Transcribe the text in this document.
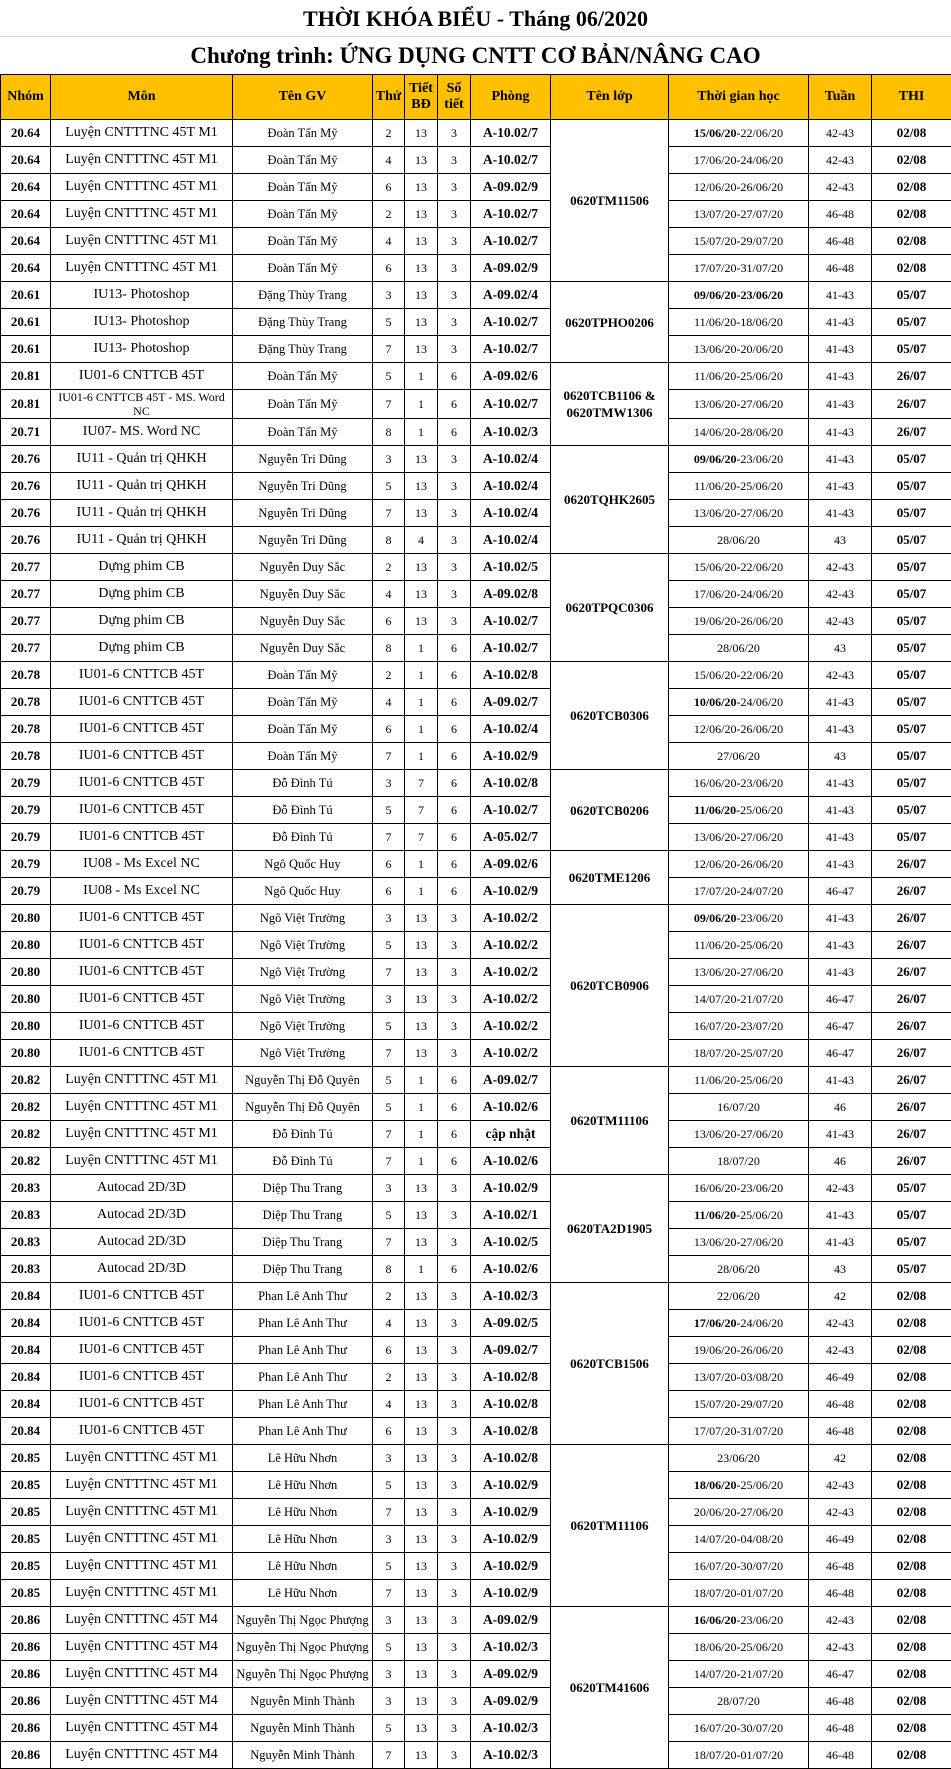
THỜI KHÓA BIỂU - Tháng 06/2020
Chương trình: ỨNG DỤNG CNTT CƠ BẢN/NÂNG CAO
Nhóm	Môn	Tên GV	Thứ	Tiết BĐ	Số tiết	Phòng	Tên lớp	Thời gian học	Tuần	THI
20.64	Luyện CNTTTNC 45T M1	Đoàn Tấn Mỹ	2	13	3	A-10.02/7	0620TM11506	15/06/20-22/06/20	42-43	02/08
20.64	Luyện CNTTTNC 45T M1	Đoàn Tấn Mỹ	4	13	3	A-10.02/7		17/06/20-24/06/20	42-43	02/08
20.64	Luyện CNTTTNC 45T M1	Đoàn Tấn Mỹ	6	13	3	A-09.02/9		12/06/20-26/06/20	42-43	02/08
20.64	Luyện CNTTTNC 45T M1	Đoàn Tấn Mỹ	2	13	3	A-10.02/7		13/07/20-27/07/20	46-48	02/08
20.64	Luyện CNTTTNC 45T M1	Đoàn Tấn Mỹ	4	13	3	A-10.02/7		15/07/20-29/07/20	46-48	02/08
20.64	Luyện CNTTTNC 45T M1	Đoàn Tấn Mỹ	6	13	3	A-09.02/9		17/07/20-31/07/20	46-48	02/08
20.61	IU13- Photoshop	Đặng Thùy Trang	3	13	3	A-09.02/4	0620TPHO0206	09/06/20-23/06/20	41-43	05/07
20.61	IU13- Photoshop	Đặng Thùy Trang	5	13	3	A-10.02/7		11/06/20-18/06/20	41-43	05/07
20.61	IU13- Photoshop	Đặng Thùy Trang	7	13	3	A-10.02/7		13/06/20-20/06/20	41-43	05/07
20.81	IU01-6 CNTTCB 45T	Đoàn Tấn Mỹ	5	1	6	A-09.02/6	0620TCB1106 & 0620TMW1306	11/06/20-25/06/20	41-43	26/07
20.81	IU01-6 CNTTCB 45T - MS. Word NC	Đoàn Tấn Mỹ	7	1	6	A-10.02/7		13/06/20-27/06/20	41-43	26/07
20.71	IU07- MS. Word NC	Đoàn Tấn Mỹ	8	1	6	A-10.02/3		14/06/20-28/06/20	41-43	26/07
20.76	IU11 - Quản trị QHKH	Nguyễn Tri Dũng	3	13	3	A-10.02/4	0620TQHK2605	09/06/20-23/06/20	41-43	05/07
20.76	IU11 - Quản trị QHKH	Nguyễn Tri Dũng	5	13	3	A-10.02/4		11/06/20-25/06/20	41-43	05/07
20.76	IU11 - Quản trị QHKH	Nguyễn Tri Dũng	7	13	3	A-10.02/4		13/06/20-27/06/20	41-43	05/07
20.76	IU11 - Quản trị QHKH	Nguyễn Tri Dũng	8	4	3	A-10.02/4		28/06/20	43	05/07
20.77	Dựng phim CB	Nguyễn Duy Sắc	2	13	3	A-10.02/5	0620TPQC0306	15/06/20-22/06/20	42-43	05/07
20.77	Dựng phim CB	Nguyễn Duy Sắc	4	13	3	A-09.02/8		17/06/20-24/06/20	42-43	05/07
20.77	Dựng phim CB	Nguyễn Duy Sắc	6	13	3	A-10.02/7		19/06/20-26/06/20	42-43	05/07
20.77	Dựng phim CB	Nguyễn Duy Sắc	8	1	6	A-10.02/7		28/06/20	43	05/07
20.78	IU01-6 CNTTCB 45T	Đoàn Tấn Mỹ	2	1	6	A-10.02/8	0620TCB0306	15/06/20-22/06/20	42-43	05/07
20.78	IU01-6 CNTTCB 45T	Đoàn Tấn Mỹ	4	1	6	A-09.02/7		10/06/20-24/06/20	41-43	05/07
20.78	IU01-6 CNTTCB 45T	Đoàn Tấn Mỹ	6	1	6	A-10.02/4		12/06/20-26/06/20	41-43	05/07
20.78	IU01-6 CNTTCB 45T	Đoàn Tấn Mỹ	7	1	6	A-10.02/9		27/06/20	43	05/07
20.79	IU01-6 CNTTCB 45T	Đỗ Đình Tú	3	7	6	A-10.02/8	0620TCB0206	16/06/20-23/06/20	41-43	05/07
20.79	IU01-6 CNTTCB 45T	Đỗ Đình Tú	5	7	6	A-10.02/7		11/06/20-25/06/20	41-43	05/07
20.79	IU01-6 CNTTCB 45T	Đỗ Đình Tú	7	7	6	A-05.02/7		13/06/20-27/06/20	41-43	05/07
20.79	IU08 - Ms Excel NC	Ngô Quốc Huy	6	1	6	A-09.02/6	0620TME1206	12/06/20-26/06/20	41-43	26/07
20.79	IU08 - Ms Excel NC	Ngô Quốc Huy	6	1	6	A-10.02/9		17/07/20-24/07/20	46-47	26/07
20.80	IU01-6 CNTTCB 45T	Ngô Việt Trường	3	13	3	A-10.02/2	0620TCB0906	09/06/20-23/06/20	41-43	26/07
20.80	IU01-6 CNTTCB 45T	Ngô Việt Trường	5	13	3	A-10.02/2		11/06/20-25/06/20	41-43	26/07
20.80	IU01-6 CNTTCB 45T	Ngô Việt Trường	7	13	3	A-10.02/2		13/06/20-27/06/20	41-43	26/07
20.80	IU01-6 CNTTCB 45T	Ngô Việt Trường	3	13	3	A-10.02/2		14/07/20-21/07/20	46-47	26/07
20.80	IU01-6 CNTTCB 45T	Ngô Việt Trường	5	13	3	A-10.02/2		16/07/20-23/07/20	46-47	26/07
20.80	IU01-6 CNTTCB 45T	Ngô Việt Trường	7	13	3	A-10.02/2		18/07/20-25/07/20	46-47	26/07
20.82	Luyện CNTTTNC 45T M1	Nguyễn Thị Đỗ Quyên	5	1	6	A-09.02/7	0620TM11106	11/06/20-25/06/20	41-43	26/07
20.82	Luyện CNTTTNC 45T M1	Nguyễn Thị Đỗ Quyên	5	1	6	A-10.02/6		16/07/20	46	26/07
20.82	Luyện CNTTTNC 45T M1	Đỗ Đình Tú	7	1	6	cập nhật		13/06/20-27/06/20	41-43	26/07
20.82	Luyện CNTTTNC 45T M1	Đỗ Đình Tú	7	1	6	A-10.02/6		18/07/20	46	26/07
20.83	Autocad 2D/3D	Diệp Thu Trang	3	13	3	A-10.02/9	0620TA2D1905	16/06/20-23/06/20	42-43	05/07
20.83	Autocad 2D/3D	Diệp Thu Trang	5	13	3	A-10.02/1		11/06/20-25/06/20	41-43	05/07
20.83	Autocad 2D/3D	Diệp Thu Trang	7	13	3	A-10.02/5		13/06/20-27/06/20	41-43	05/07
20.83	Autocad 2D/3D	Diệp Thu Trang	8	1	6	A-10.02/6		28/06/20	43	05/07
20.84	IU01-6 CNTTCB 45T	Phan Lê Anh Thư	2	13	3	A-10.02/3	0620TCB1506	22/06/20	42	02/08
20.84	IU01-6 CNTTCB 45T	Phan Lê Anh Thư	4	13	3	A-09.02/5		17/06/20-24/06/20	42-43	02/08
20.84	IU01-6 CNTTCB 45T	Phan Lê Anh Thư	6	13	3	A-09.02/7		19/06/20-26/06/20	42-43	02/08
20.84	IU01-6 CNTTCB 45T	Phan Lê Anh Thư	2	13	3	A-10.02/8		13/07/20-03/08/20	46-49	02/08
20.84	IU01-6 CNTTCB 45T	Phan Lê Anh Thư	4	13	3	A-10.02/8		15/07/20-29/07/20	46-48	02/08
20.84	IU01-6 CNTTCB 45T	Phan Lê Anh Thư	6	13	3	A-10.02/8		17/07/20-31/07/20	46-48	02/08
20.85	Luyện CNTTTNC 45T M1	Lê Hữu Nhơn	3	13	3	A-10.02/8	0620TM11106	23/06/20	42	02/08
20.85	Luyện CNTTTNC 45T M1	Lê Hữu Nhơn	5	13	3	A-10.02/9		18/06/20-25/06/20	42-43	02/08
20.85	Luyện CNTTTNC 45T M1	Lê Hữu Nhơn	7	13	3	A-10.02/9		20/06/20-27/06/20	42-43	02/08
20.85	Luyện CNTTTNC 45T M1	Lê Hữu Nhơn	3	13	3	A-10.02/9		14/07/20-04/08/20	46-49	02/08
20.85	Luyện CNTTTNC 45T M1	Lê Hữu Nhơn	5	13	3	A-10.02/9		16/07/20-30/07/20	46-48	02/08
20.85	Luyện CNTTTNC 45T M1	Lê Hữu Nhơn	7	13	3	A-10.02/9		18/07/20-01/07/20	46-48	02/08
20.86	Luyện CNTTTNC 45T M4	Nguyễn Thị Ngọc Phượng	3	13	3	A-09.02/9	0620TM41606	16/06/20-23/06/20	42-43	02/08
20.86	Luyện CNTTTNC 45T M4	Nguyễn Thị Ngọc Phượng	5	13	3	A-10.02/3		18/06/20-25/06/20	42-43	02/08
20.86	Luyện CNTTTNC 45T M4	Nguyễn Thị Ngọc Phượng	3	13	3	A-09.02/9		14/07/20-21/07/20	46-47	02/08
20.86	Luyện CNTTTNC 45T M4	Nguyễn Minh Thành	3	13	3	A-09.02/9		28/07/20	46-48	02/08
20.86	Luyện CNTTTNC 45T M4	Nguyễn Minh Thành	5	13	3	A-10.02/3		16/07/20-30/07/20	46-48	02/08
20.86	Luyện CNTTTNC 45T M4	Nguyễn Minh Thành	7	13	3	A-10.02/3		18/07/20-01/07/20	46-48	02/08
